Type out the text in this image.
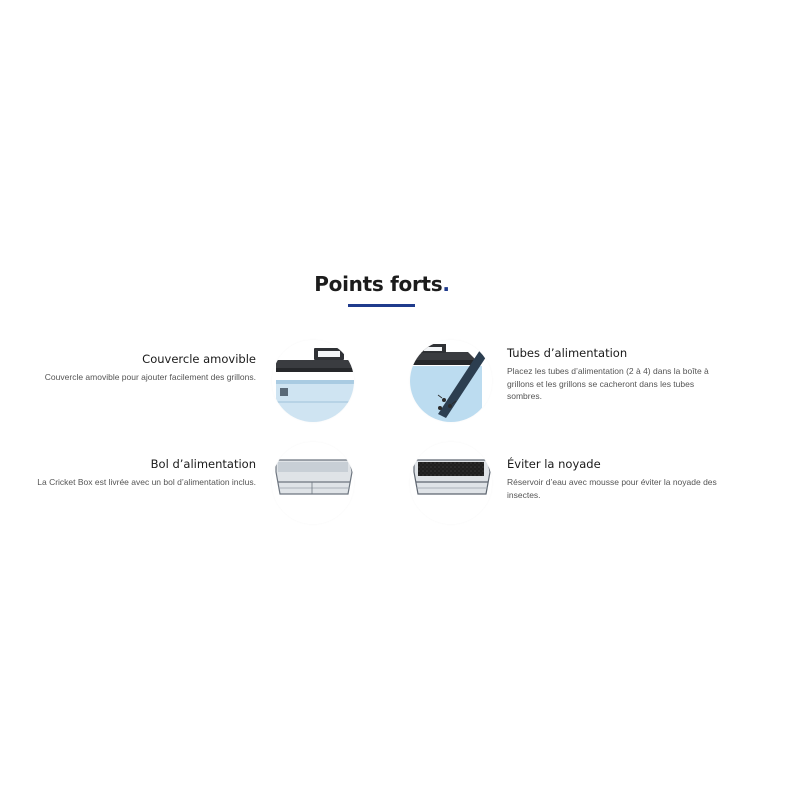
Points forts.
Couvercle amovible
Couvercle amovible pour ajouter facilement des grillons.
Tubes d’alimentation
Placez les tubes d’alimentation (2 à 4) dans la boîte à grillons et les grillons se cacheront dans les tubes sombres.
Bol d’alimentation
La Cricket Box est livrée avec un bol d’alimentation inclus.
Éviter la noyade
Réservoir d’eau avec mousse pour éviter la noyade des insectes.
